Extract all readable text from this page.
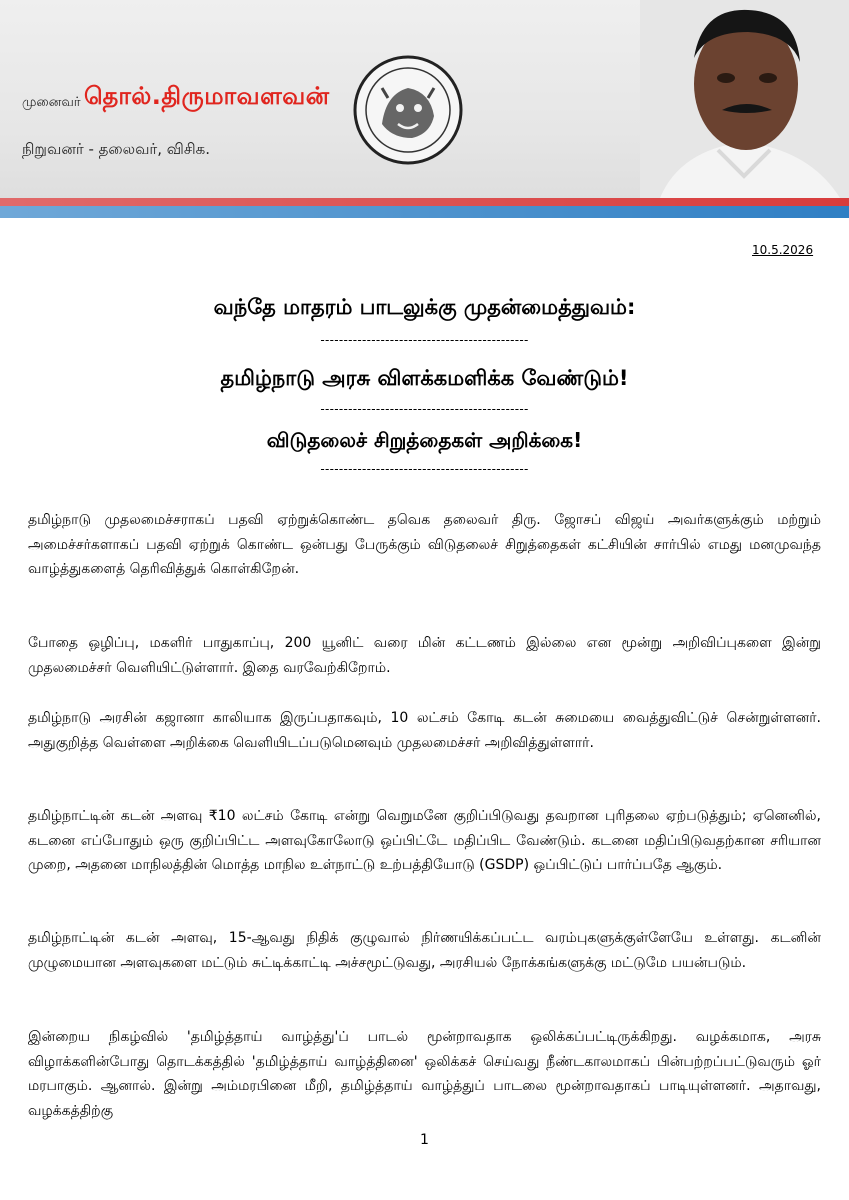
முனைவர் தொல்.திருமாவளவன்
நிறுவனர் - தலைவர், விசிக.
10.5.2026
வந்தே மாதரம் பாடலுக்கு முதன்மைத்துவம்:
---------------------------------------------
தமிழ்நாடு அரசு விளக்கமளிக்க வேண்டும்!
---------------------------------------------
விடுதலைச் சிறுத்தைகள் அறிக்கை!
---------------------------------------------

தமிழ்நாடு முதலமைச்சராகப் பதவி ஏற்றுக்கொண்ட தவெக தலைவர் திரு. ஜோசப் விஜய் அவர்களுக்கும் மற்றும் அமைச்சர்களாகப் பதவி ஏற்றுக் கொண்ட ஒன்பது பேருக்கும் விடுதலைச் சிறுத்தைகள் கட்சியின் சார்பில் எமது மனமுவந்த வாழ்த்துகளைத் தெரிவித்துக் கொள்கிறேன்.

போதை ஒழிப்பு, மகளிர் பாதுகாப்பு, 200 யூனிட் வரை மின் கட்டணம் இல்லை என மூன்று அறிவிப்புகளை இன்று முதலமைச்சர் வெளியிட்டுள்ளார். இதை வரவேற்கிறோம்.

தமிழ்நாடு அரசின் கஜானா காலியாக இருப்பதாகவும், 10 லட்சம் கோடி கடன் சுமையை வைத்துவிட்டுச் சென்றுள்ளனர். அதுகுறித்த வெள்ளை அறிக்கை வெளியிடப்படுமெனவும் முதலமைச்சர் அறிவித்துள்ளார்.

தமிழ்நாட்டின் கடன் அளவு ₹10 லட்சம் கோடி என்று வெறுமனே குறிப்பிடுவது தவறான புரிதலை ஏற்படுத்தும்; ஏனெனில், கடனை எப்போதும் ஒரு குறிப்பிட்ட அளவுகோலோடு ஒப்பிட்டே மதிப்பிட வேண்டும். கடனை மதிப்பிடுவதற்கான சரியான முறை, அதனை மாநிலத்தின் மொத்த மாநில உள்நாட்டு உற்பத்தியோடு (GSDP) ஒப்பிட்டுப் பார்ப்பதே ஆகும்.

தமிழ்நாட்டின் கடன் அளவு, 15-ஆவது நிதிக் குழுவால் நிர்ணயிக்கப்பட்ட வரம்புகளுக்குள்ளேயே உள்ளது. கடனின் முழுமையான அளவுகளை மட்டும் சுட்டிக்காட்டி அச்சமூட்டுவது, அரசியல் நோக்கங்களுக்கு மட்டுமே பயன்படும்.

இன்றைய நிகழ்வில் 'தமிழ்த்தாய் வாழ்த்து'ப் பாடல் மூன்றாவதாக ஒலிக்கப்பட்டிருக்கிறது. வழக்கமாக, அரசு விழாக்களின்போது தொடக்கத்தில் 'தமிழ்த்தாய் வாழ்த்தினை' ஒலிக்கச் செய்வது நீண்டகாலமாகப் பின்பற்றப்பட்டுவரும் ஓர் மரபாகும். ஆனால். இன்று அம்மரபினை மீறி, தமிழ்த்தாய் வாழ்த்துப் பாடலை மூன்றாவதாகப் பாடியுள்ளனர். அதாவது, வழக்கத்திற்கு

1
